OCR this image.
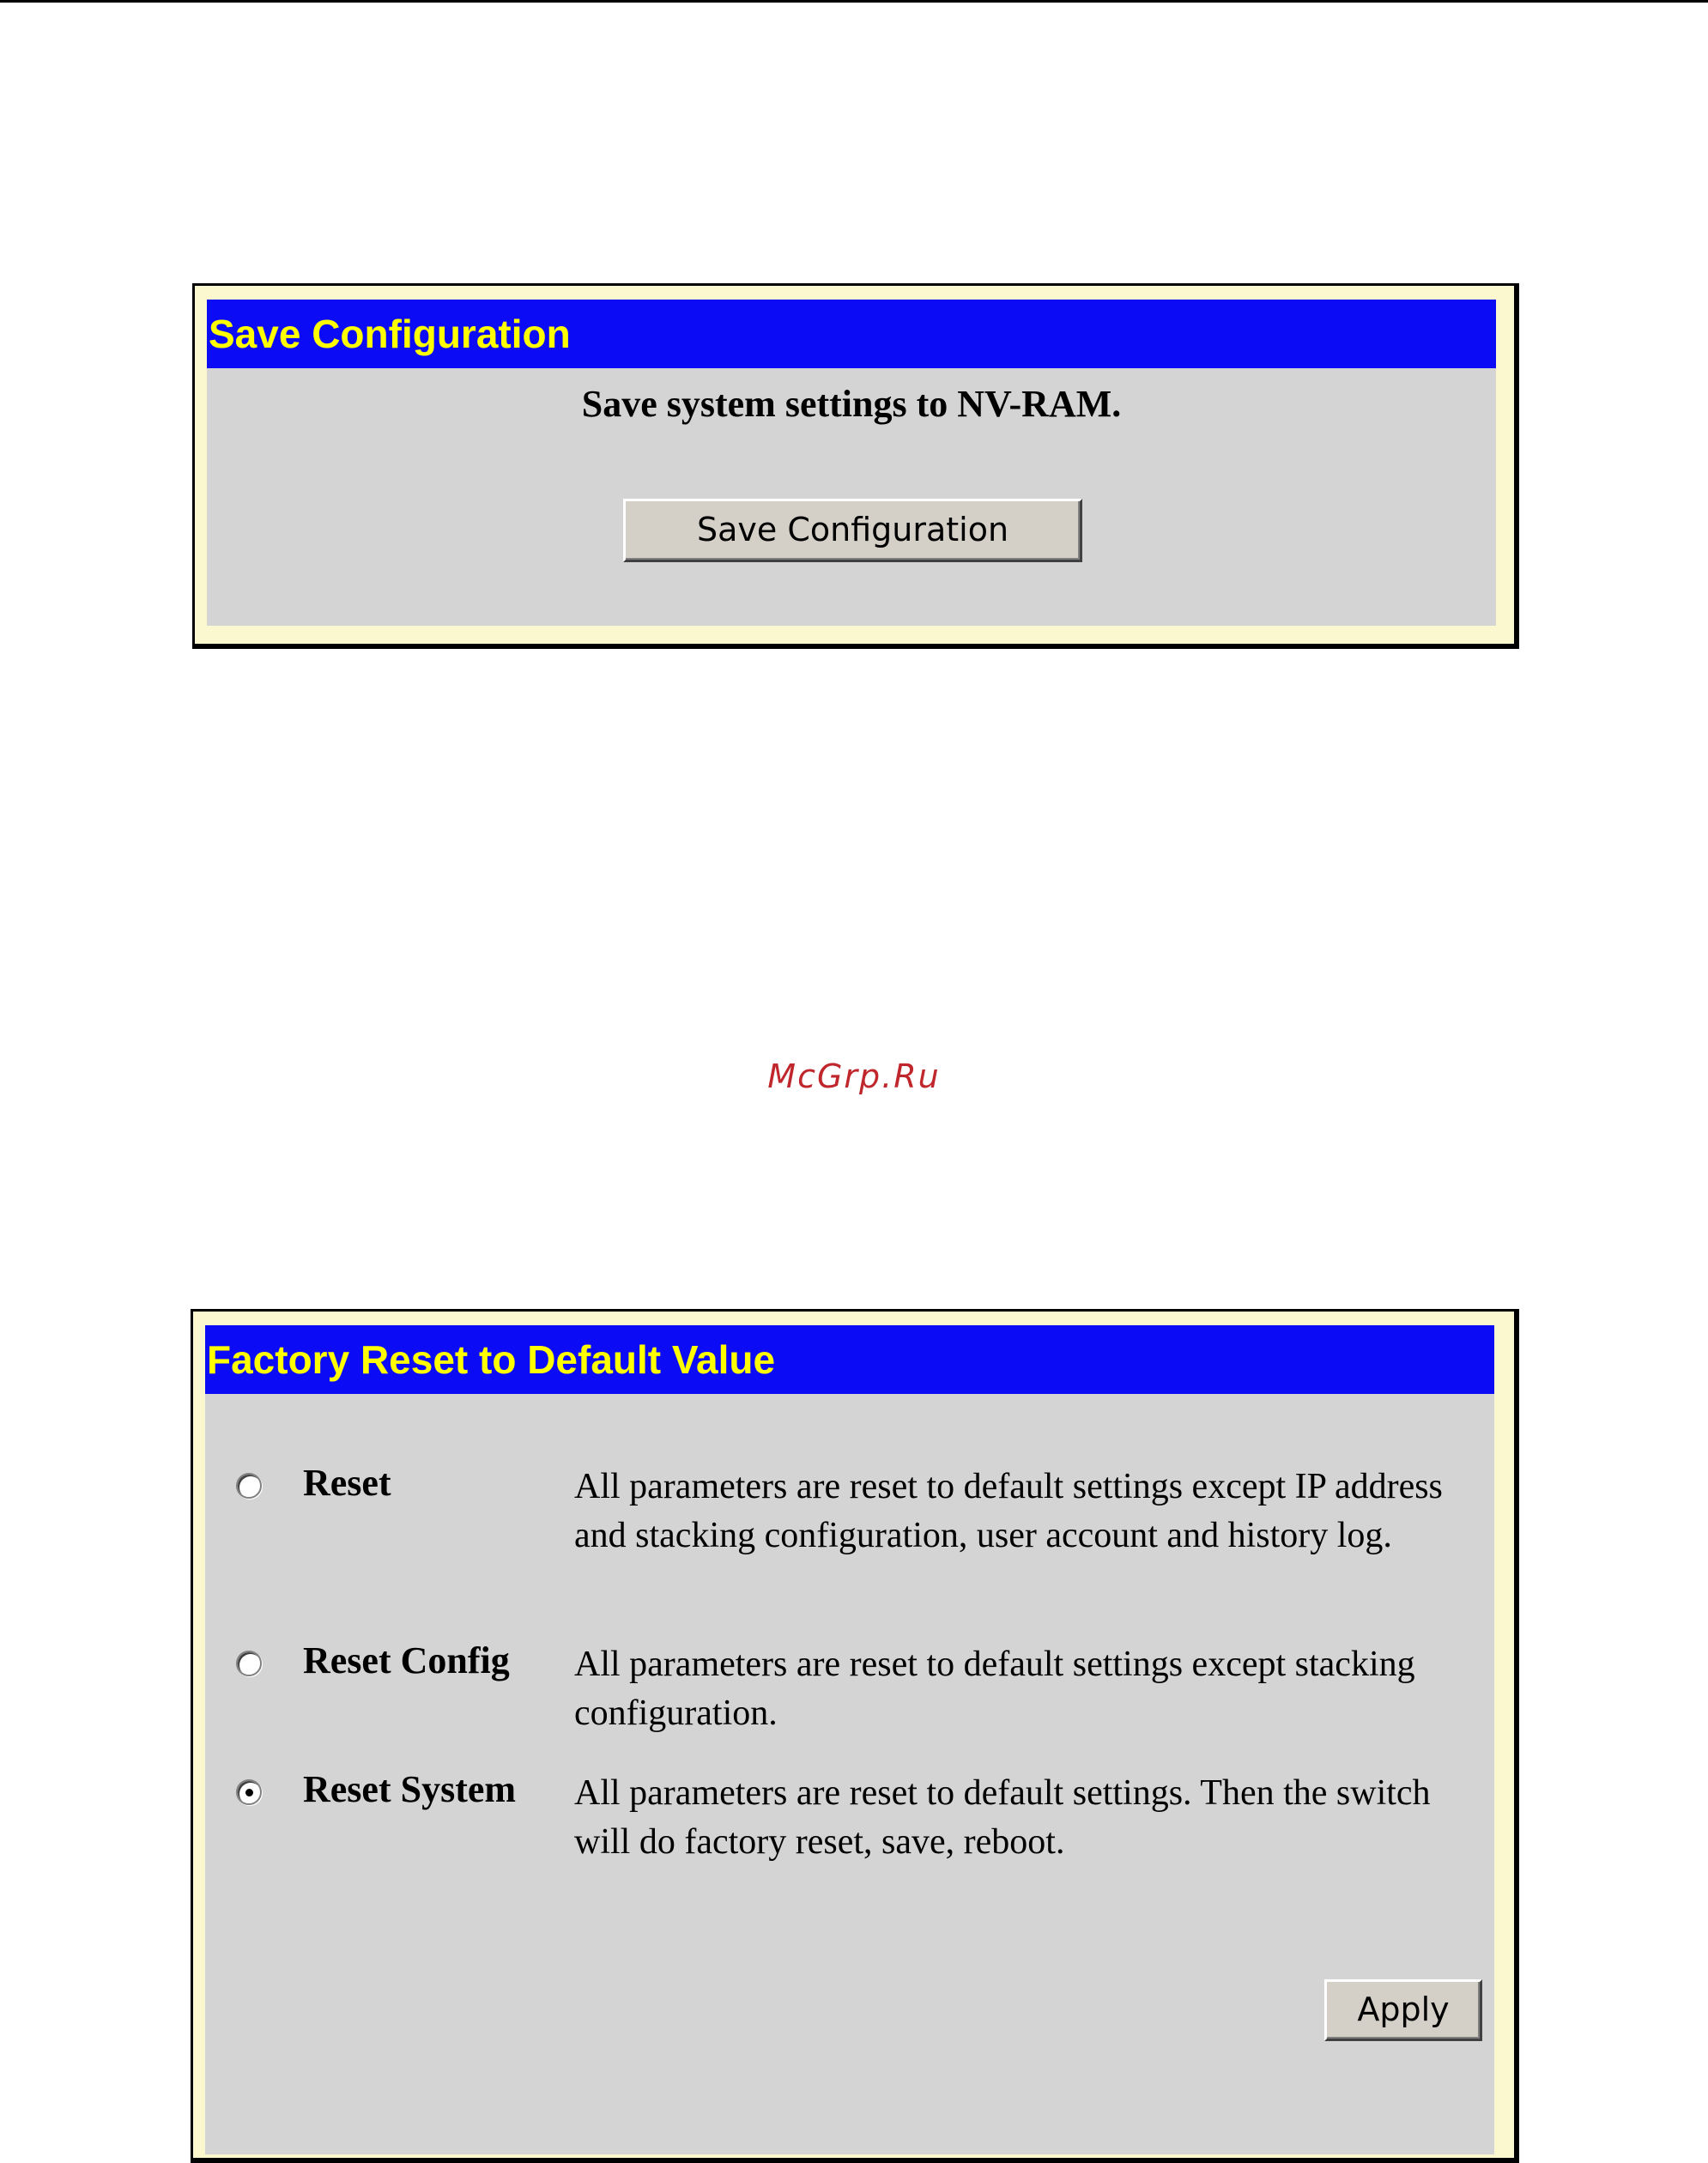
Save Configuration
Save system settings to NV-RAM.
Save Configuration
McGrp.Ru
Factory Reset to Default Value
Reset	All parameters are reset to default settings except IP address and stacking configuration, user account and history log.
Reset Config All parameters are reset to default settings except stacking configuration.
Reset System All parameters are reset to default settings. Then the switch will do factory reset, save, reboot.
Apply
